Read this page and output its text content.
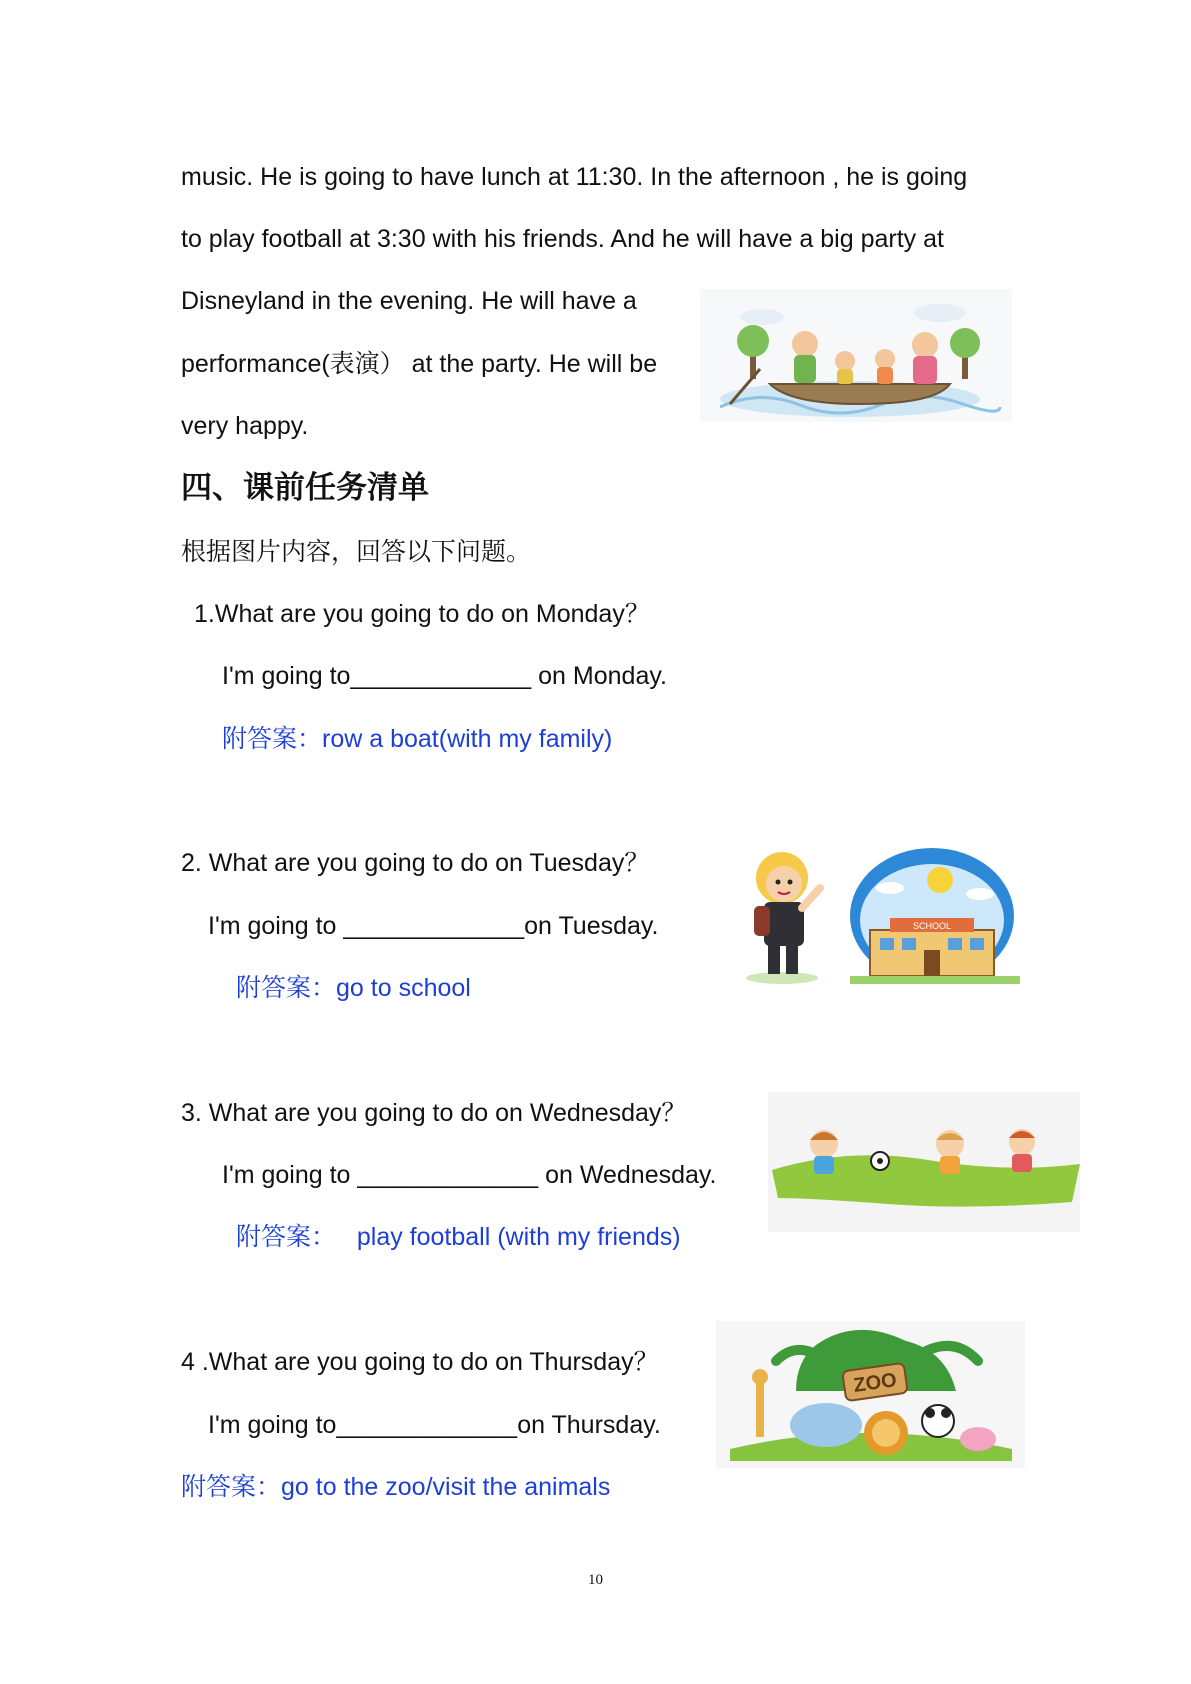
music. He is going to have lunch at 11:30. In the afternoon , he is going
to play football at 3:30 with his friends. And he will have a big party at
Disneyland in the evening. He will have a
performance(表演） at the party. He will be
very happy.
四、课前任务清单
根据图片内容，回答以下问题。
1.What are you going to do on Monday？
I'm going to_____________ on Monday.
附答案：row a boat(with my family)
2. What are you going to do on Tuesday？
I'm going to _____________on Tuesday.
附答案：go to school
SCHOOL
3. What are you going to do on Wednesday？
I'm going to _____________ on Wednesday.
附答案： play football (with my friends)
4 .What are you going to do on Thursday？
I'm going to_____________on Thursday.
附答案：go to the zoo/visit the animals
ZOO
10
